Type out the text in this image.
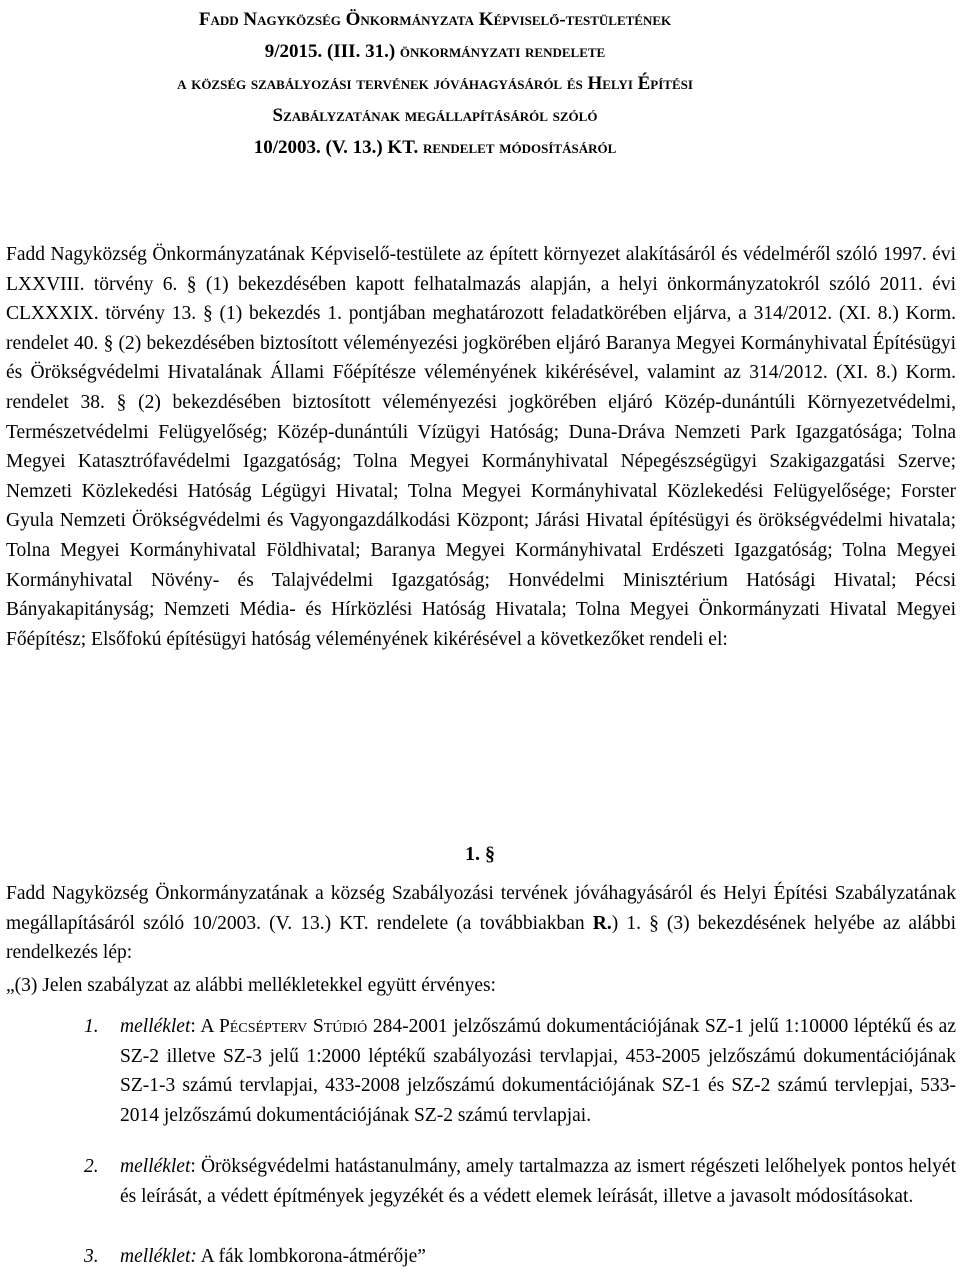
Fadd Nagyközség Önkormányzata Képviselő-testületének
9/2015. (III. 31.) önkormányzati rendelete
a község szabályozási tervének jóváhagyásáról és Helyi Építési
Szabályzatának megállapításáról szóló
10/2003. (V. 13.) KT. rendelet módosításáról

Fadd Nagyközség Önkormányzatának Képviselő-testülete az épített környezet alakításáról és védelméről szóló 1997. évi LXXVIII. törvény 6. § (1) bekezdésében kapott felhatalmazás alapján, a helyi önkormányzatokról szóló 2011. évi CLXXXIX. törvény 13. § (1) bekezdés 1. pontjában meghatározott feladatkörében eljárva, a 314/2012. (XI. 8.) Korm. rendelet 40. § (2) bekezdésében biztosított véleményezési jogkörében eljáró Baranya Megyei Kormányhivatal Építésügyi és Örökségvédelmi Hivatalának Állami Főépítésze véleményének kikérésével, valamint az 314/2012. (XI. 8.) Korm. rendelet 38. § (2) bekezdésében biztosított véleményezési jogkörében eljáró Közép-dunántúli Környezetvédelmi, Természetvédelmi Felügyelőség; Közép-dunántúli Vízügyi Hatóság; Duna-Dráva Nemzeti Park Igazgatósága; Tolna Megyei Katasztrófavédelmi Igazgatóság; Tolna Megyei Kormányhivatal Népegészségügyi Szakigazgatási Szerve; Nemzeti Közlekedési Hatóság Légügyi Hivatal; Tolna Megyei Kormányhivatal Közlekedési Felügyelősége; Forster Gyula Nemzeti Örökségvédelmi és Vagyongazdálkodási Központ; Járási Hivatal építésügyi és örökségvédelmi hivatala; Tolna Megyei Kormányhivatal Földhivatal; Baranya Megyei Kormányhivatal Erdészeti Igazgatóság; Tolna Megyei Kormányhivatal Növény- és Talajvédelmi Igazgatóság; Honvédelmi Minisztérium Hatósági Hivatal; Pécsi Bányakapitányság; Nemzeti Média- és Hírközlési Hatóság Hivatala; Tolna Megyei Önkormányzati Hivatal Megyei Főépítész; Elsőfokú építésügyi hatóság véleményének kikérésével a következőket rendeli el:

1. §

Fadd Nagyközség Önkormányzatának a község Szabályozási tervének jóváhagyásáról és Helyi Építési Szabályzatának megállapításáról szóló 10/2003. (V. 13.) KT. rendelete (a továbbiakban R.) 1. § (3) bekezdésének helyébe az alábbi rendelkezés lép:

„(3) Jelen szabályzat az alábbi mellékletekkel együtt érvényes:
1. melléklet: A Pécsépterv Stúdió 284-2001 jelzőszámú dokumentációjának SZ-1 jelű 1:10000 léptékű és az SZ-2 illetve SZ-3 jelű 1:2000 léptékű szabályozási tervlapjai, 453-2005 jelzőszámú dokumentációjának SZ-1-3 számú tervlapjai, 433-2008 jelzőszámú dokumentációjának SZ-1 és SZ-2 számú tervlepjai, 533-2014 jelzőszámú dokumentációjának SZ-2 számú tervlapjai.
2. melléklet: Örökségvédelmi hatástanulmány, amely tartalmazza az ismert régészeti lelőhelyek pontos helyét és leírását, a védett építmények jegyzékét és a védett elemek leírását, illetve a javasolt módosításokat.
3. melléklet: A fák lombkorona-átmérője”
